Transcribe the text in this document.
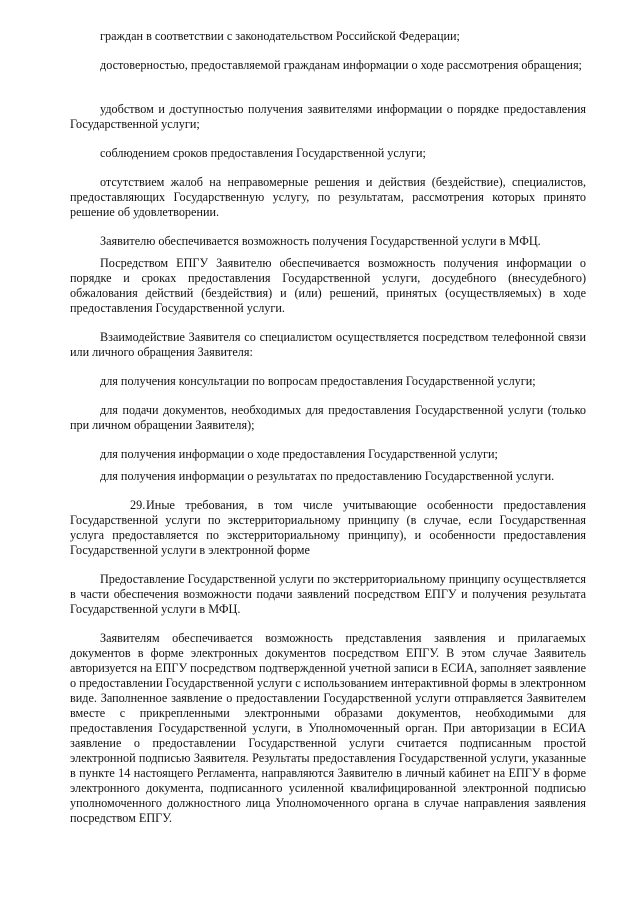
граждан в соответствии с законодательством Российской Федерации;

достоверностью, предоставляемой гражданам информации о ходе рассмотрения обращения;

удобством и доступностью получения заявителями информации о порядке предоставления Государственной услуги;

соблюдением сроков предоставления Государственной услуги;

отсутствием жалоб на неправомерные решения и действия (бездействие), специалистов, предоставляющих Государственную услугу, по результатам, рассмотрения которых принято решение об удовлетворении.

Заявителю обеспечивается возможность получения Государственной услуги в МФЦ.

Посредством ЕПГУ Заявителю обеспечивается возможность получения информации о порядке и сроках предоставления Государственной услуги, досудебного (внесудебного) обжалования действий (бездействия) и (или) решений, принятых (осуществляемых) в ходе предоставления Государственной услуги.

Взаимодействие Заявителя со специалистом осуществляется посредством телефонной связи или личного обращения Заявителя:

для получения консультации по вопросам предоставления Государственной услуги;

для подачи документов, необходимых для предоставления Государственной услуги (только при личном обращении Заявителя);

для получения информации о ходе предоставления Государственной услуги;

для получения информации о результатах по предоставлению Государственной услуги.

29.Иные требования, в том числе учитывающие особенности предоставления Государственной услуги по экстерриториальному принципу (в случае, если Государственная услуга предоставляется по экстерриториальному принципу), и особенности предоставления Государственной услуги в электронной форме

Предоставление Государственной услуги по экстерриториальному принципу осуществляется в части обеспечения возможности подачи заявлений посредством ЕПГУ и получения результата Государственной услуги в МФЦ.

Заявителям обеспечивается возможность представления заявления и прилагаемых документов в форме электронных документов посредством ЕПГУ. В этом случае Заявитель авторизуется на ЕПГУ посредством подтвержденной учетной записи в ЕСИА, заполняет заявление о предоставлении Государственной услуги с использованием интерактивной формы в электронном виде. Заполненное заявление о предоставлении Государственной услуги отправляется Заявителем вместе с прикрепленными электронными образами документов, необходимыми для предоставления Государственной услуги, в Уполномоченный орган. При авторизации в ЕСИА заявление о предоставлении Государственной услуги считается подписанным простой электронной подписью Заявителя. Результаты предоставления Государственной услуги, указанные в пункте 14 настоящего Регламента, направляются Заявителю в личный кабинет на ЕПГУ в форме электронного документа, подписанного усиленной квалифицированной электронной подписью уполномоченного должностного лица Уполномоченного органа в случае направления заявления посредством ЕПГУ.
